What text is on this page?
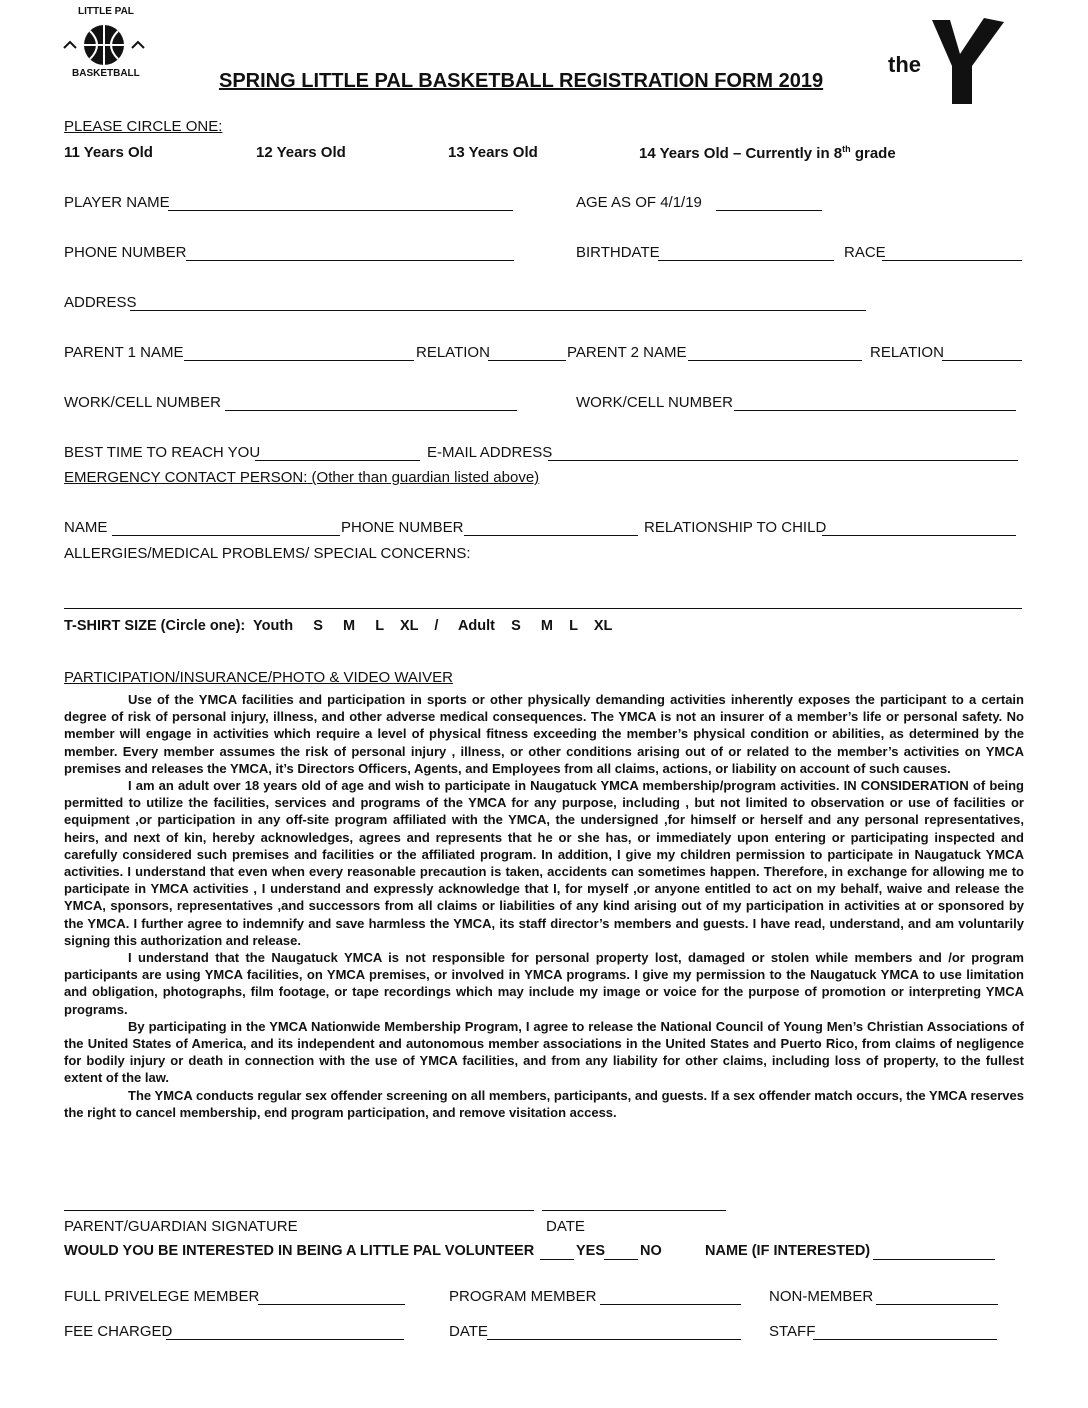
LITTLE PAL
BASKETBALL	the
YMCA
SPRING LITTLE PAL BASKETBALL REGISTRATION FORM 2019
PLEASE CIRCLE ONE:
11 Years Old	12 Years Old	13 Years Old	14 Years Old – Currently in 8th grade
PLAYER NAME	AGE AS OF 4/1/19
PHONE NUMBER	BIRTHDATE	RACE
ADDRESS
PARENT 1 NAME	RELATION	PARENT 2 NAME	RELATION
WORK/CELL NUMBER	WORK/CELL NUMBER
BEST TIME TO REACH YOU	E-MAIL ADDRESS
EMERGENCY CONTACT PERSON: (Other than guardian listed above)
NAME	PHONE NUMBER	RELATIONSHIP TO CHILD
ALLERGIES/MEDICAL PROBLEMS/ SPECIAL CONCERNS:
T-SHIRT SIZE (Circle one):  Youth     S     M     L    XL    /     Adult    S     M    L    XL
PARTICIPATION/INSURANCE/PHOTO & VIDEO WAIVER

Use of the YMCA facilities and participation in sports or other physically demanding activities inherently exposes the participant to a certain degree of risk of personal injury, illness, and other adverse medical consequences. The YMCA is not an insurer of a member’s life or personal safety. No member will engage in activities which require a level of physical fitness exceeding the member’s physical condition or abilities, as determined by the member. Every member assumes the risk of personal injury , illness, or other conditions arising out of or related to the member’s activities on YMCA premises and releases the YMCA, it’s Directors Officers, Agents, and Employees from all claims, actions, or liability on account of such causes.

I am an adult over 18 years old of age and wish to participate in Naugatuck YMCA membership/program activities. IN CONSIDERATION of being permitted to utilize the facilities, services and programs of the YMCA for any purpose, including , but not limited to observation or use of facilities or equipment ,or participation in any off-site program affiliated with the YMCA, the undersigned ,for himself or herself and any personal representatives, heirs, and next of kin, hereby acknowledges, agrees and represents that he or she has, or immediately upon entering or participating inspected and carefully considered such premises and facilities or the affiliated program. In addition, I give my children permission to participate in Naugatuck YMCA activities. I understand that even when every reasonable precaution is taken, accidents can sometimes happen. Therefore, in exchange for allowing me to participate in YMCA activities , I understand and expressly acknowledge that I, for myself ,or anyone entitled to act on my behalf, waive and release the YMCA, sponsors, representatives ,and successors from all claims or liabilities of any kind arising out of my participation in activities at or sponsored by the YMCA. I further agree to indemnify and save harmless the YMCA, its staff director’s members and guests. I have read, understand, and am voluntarily signing this authorization and release.

I understand that the Naugatuck YMCA is not responsible for personal property lost, damaged or stolen while members and /or program participants are using YMCA facilities, on YMCA premises, or involved in YMCA programs. I give my permission to the Naugatuck YMCA to use limitation and obligation, photographs, film footage, or tape recordings which may include my image or voice for the purpose of promotion or interpreting YMCA programs.

By participating in the YMCA Nationwide Membership Program, I agree to release the National Council of Young Men’s Christian Associations of the United States of America, and its independent and autonomous member associations in the United States and Puerto Rico, from claims of negligence for bodily injury or death in connection with the use of YMCA facilities, and from any liability for other claims, including loss of property, to the fullest extent of the law.

The YMCA conducts regular sex offender screening on all members, participants, and guests. If a sex offender match occurs, the YMCA reserves the right to cancel membership, end program participation, and remove visitation access.

PARENT/GUARDIAN SIGNATURE	DATE
WOULD YOU BE INTERESTED IN BEING A LITTLE PAL VOLUNTEER	YES NO	NAME (IF INTERESTED)
FULL PRIVELEGE MEMBER	PROGRAM MEMBER	NON-MEMBER
FEE CHARGED	DATE	STAFF
